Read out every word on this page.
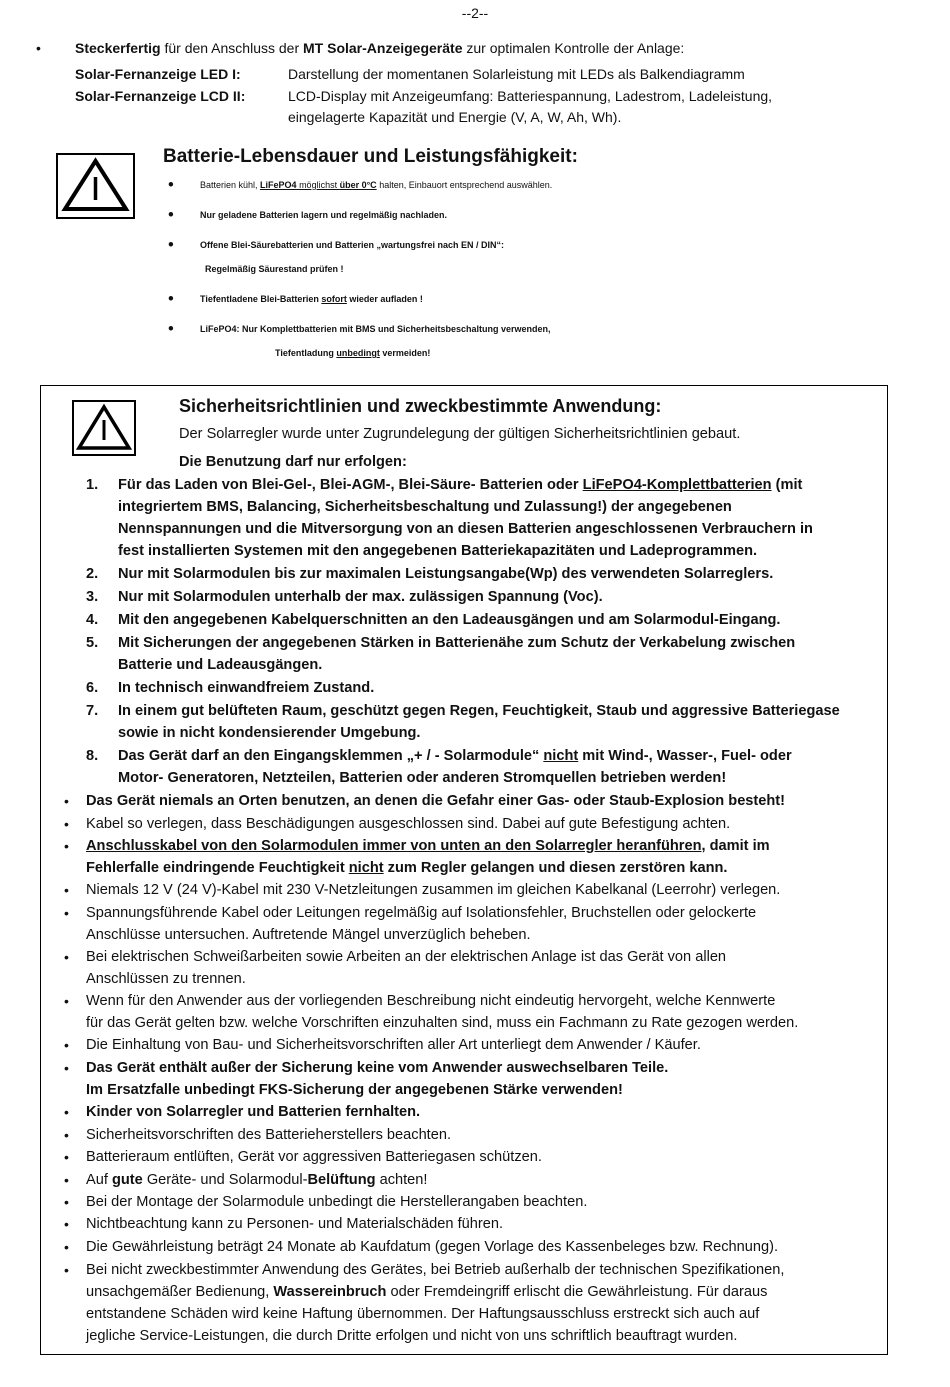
--2--
• Steckerfertig für den Anschluss der MT Solar-Anzeigegeräte zur optimalen Kontrolle der Anlage:
Solar-Fernanzeige LED I:	Darstellung der momentanen Solarleistung mit LEDs als Balkendiagramm
Solar-Fernanzeige LCD II:	LCD-Display mit Anzeigeumfang: Batteriespannung, Ladestrom, Ladeleistung,
eingelagerte Kapazität und Energie (V, A, W, Ah, Wh).
Batterie-Lebensdauer und Leistungsfähigkeit:
•	Batterien kühl, LiFePO4 möglichst über 0°C halten, Einbauort entsprechend auswählen.
•	Nur geladene Batterien lagern und regelmäßig nachladen.
•	Offene Blei-Säurebatterien und Batterien „wartungsfrei nach EN / DIN“:
Regelmäßig Säurestand prüfen !
•	Tiefentladene Blei-Batterien sofort wieder aufladen !
•	LiFePO4: Nur Komplettbatterien mit BMS und Sicherheitsbeschaltung verwenden,
Tiefentladung unbedingt vermeiden!
Sicherheitsrichtlinien und zweckbestimmte Anwendung:
Der Solarregler wurde unter Zugrundelegung der gültigen Sicherheitsrichtlinien gebaut.
Die Benutzung darf nur erfolgen:
1. Für das Laden von Blei-Gel-, Blei-AGM-, Blei-Säure- Batterien oder LiFePO4-Komplettbatterien (mit
integriertem BMS, Balancing, Sicherheitsbeschaltung und Zulassung!) der angegebenen
Nennspannungen und die Mitversorgung von an diesen Batterien angeschlossenen Verbrauchern in
fest installierten Systemen mit den angegebenen Batteriekapazitäten und Ladeprogrammen.
2. Nur mit Solarmodulen bis zur maximalen Leistungsangabe(Wp) des verwendeten Solarreglers.
3. Nur mit Solarmodulen unterhalb der max. zulässigen Spannung (Voc).
4. Mit den angegebenen Kabelquerschnitten an den Ladeausgängen und am Solarmodul-Eingang.
5. Mit Sicherungen der angegebenen Stärken in Batterienähe zum Schutz der Verkabelung zwischen
Batterie und Ladeausgängen.
6. In technisch einwandfreiem Zustand.
7. In einem gut belüfteten Raum, geschützt gegen Regen, Feuchtigkeit, Staub und aggressive Batteriegase
sowie in nicht kondensierender Umgebung.
8. Das Gerät darf an den Eingangsklemmen „+ / - Solarmodule“ nicht mit Wind-, Wasser-, Fuel- oder
Motor- Generatoren, Netzteilen, Batterien oder anderen Stromquellen betrieben werden!
• Das Gerät niemals an Orten benutzen, an denen die Gefahr einer Gas- oder Staub-Explosion besteht!
• Kabel so verlegen, dass Beschädigungen ausgeschlossen sind. Dabei auf gute Befestigung achten.
• Anschlusskabel von den Solarmodulen immer von unten an den Solarregler heranführen, damit im
Fehlerfalle eindringende Feuchtigkeit nicht zum Regler gelangen und diesen zerstören kann.
• Niemals 12 V (24 V)-Kabel mit 230 V-Netzleitungen zusammen im gleichen Kabelkanal (Leerrohr) verlegen.
• Spannungsführende Kabel oder Leitungen regelmäßig auf Isolationsfehler, Bruchstellen oder gelockerte
Anschlüsse untersuchen. Auftretende Mängel unverzüglich beheben.
• Bei elektrischen Schweißarbeiten sowie Arbeiten an der elektrischen Anlage ist das Gerät von allen
Anschlüssen zu trennen.
• Wenn für den Anwender aus der vorliegenden Beschreibung nicht eindeutig hervorgeht, welche Kennwerte
für das Gerät gelten bzw. welche Vorschriften einzuhalten sind, muss ein Fachmann zu Rate gezogen werden.
• Die Einhaltung von Bau- und Sicherheitsvorschriften aller Art unterliegt dem Anwender / Käufer.
• Das Gerät enthält außer der Sicherung keine vom Anwender auswechselbaren Teile.
Im Ersatzfalle unbedingt FKS-Sicherung der angegebenen Stärke verwenden!
• Kinder von Solarregler und Batterien fernhalten.
• Sicherheitsvorschriften des Batterieherstellers beachten.
• Batterieraum entlüften, Gerät vor aggressiven Batteriegasen schützen.
• Auf gute Geräte- und Solarmodul-Belüftung achten!
• Bei der Montage der Solarmodule unbedingt die Herstellerangaben beachten.
• Nichtbeachtung kann zu Personen- und Materialschäden führen.
• Die Gewährleistung beträgt 24 Monate ab Kaufdatum (gegen Vorlage des Kassenbeleges bzw. Rechnung).
• Bei nicht zweckbestimmter Anwendung des Gerätes, bei Betrieb außerhalb der technischen Spezifikationen,
unsachgemäßer Bedienung, Wassereinbruch oder Fremdeingriff erlischt die Gewährleistung. Für daraus
entstandene Schäden wird keine Haftung übernommen. Der Haftungsausschluss erstreckt sich auch auf
jegliche Service-Leistungen, die durch Dritte erfolgen und nicht von uns schriftlich beauftragt wurden.
